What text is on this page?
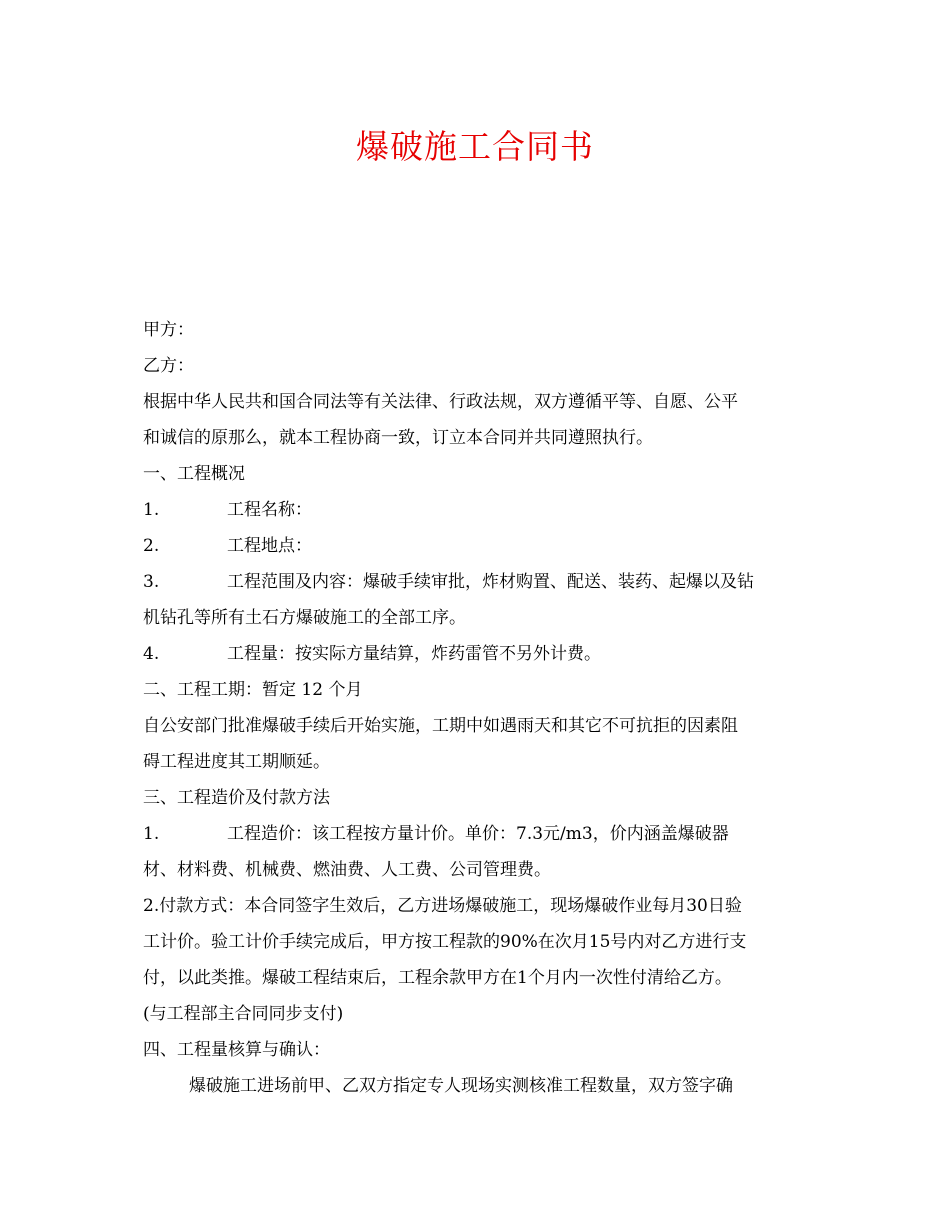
爆破施工合同书
甲方：
乙方：
根据中华人民共和国合同法等有关法律、行政法规，双方遵循平等、自愿、公平
和诚信的原那么，就本工程协商一致，订立本合同并共同遵照执行。
一、工程概况
1.	工程名称：
2.	工程地点：
3.	工程范围及内容：爆破手续审批，炸材购置、配送、装药、起爆以及钻
机钻孔等所有土石方爆破施工的全部工序。
4.	工程量：按实际方量结算，炸药雷管不另外计费。
二、工程工期：暂定 12 个月
自公安部门批准爆破手续后开始实施，工期中如遇雨天和其它不可抗拒的因素阻
碍工程进度其工期顺延。
三、工程造价及付款方法
1.	工程造价：该工程按方量计价。单价：7.3元/m3，价内涵盖爆破器
材、材料费、机械费、燃油费、人工费、公司管理费。
2.付款方式：本合同签字生效后，乙方进场爆破施工，现场爆破作业每月30日验
工计价。验工计价手续完成后，甲方按工程款的90%在次月15号内对乙方进行支
付，以此类推。爆破工程结束后，工程余款甲方在1个月内一次性付清给乙方。
(与工程部主合同同步支付)
四、工程量核算与确认：
爆破施工进场前甲、乙双方指定专人现场实测核准工程数量，双方签字确
